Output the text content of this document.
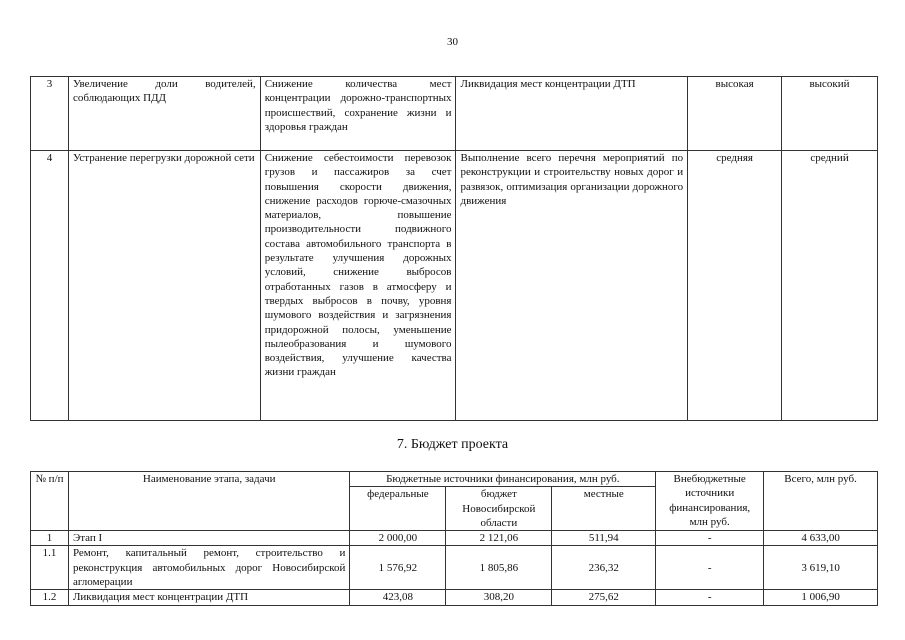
30
3	Увеличение доли водителей, соблюдающих ПДД	Снижение количества мест концентрации дорожно-транспортных происшествий, сохранение жизни и здоровья граждан	Ликвидация мест концентрации ДТП	высокая	высокий
4	Устранение перегрузки дорожной сети	Снижение себестоимости перевозок грузов и пассажиров за счет повышения скорости движения, снижение расходов горюче-смазочных материалов, повышение производительности подвижного состава автомобильного транспорта в результате улучшения дорожных условий, снижение выбросов отработанных газов в атмосферу и твердых выбросов в почву, уровня шумового воздействия и загрязнения придорожной полосы, уменьшение пылеобразования и шумового воздействия, улучшение качества жизни граждан	Выполнение всего перечня мероприятий по реконструкции и строительству новых дорог и развязок, оптимизация организации дорожного движения	средняя	средний
7. Бюджет проекта
№ п/п	Наименование этапа, задачи	Бюджетные источники финансирования, млн руб.			Внебюджетные источники финансирования, млн руб.	Всего, млн руб.
		федеральные	бюджет Новосибирской области	местные		
1	Этап I	2 000,00	2 121,06	511,94	-	4 633,00
1.1	Ремонт, капитальный ремонт, строительство и реконструкция автомобильных дорог Новосибирской агломерации	1 576,92	1 805,86	236,32	-	3 619,10
1.2	Ликвидация мест концентрации ДТП	423,08	308,20	275,62	-	1 006,90
